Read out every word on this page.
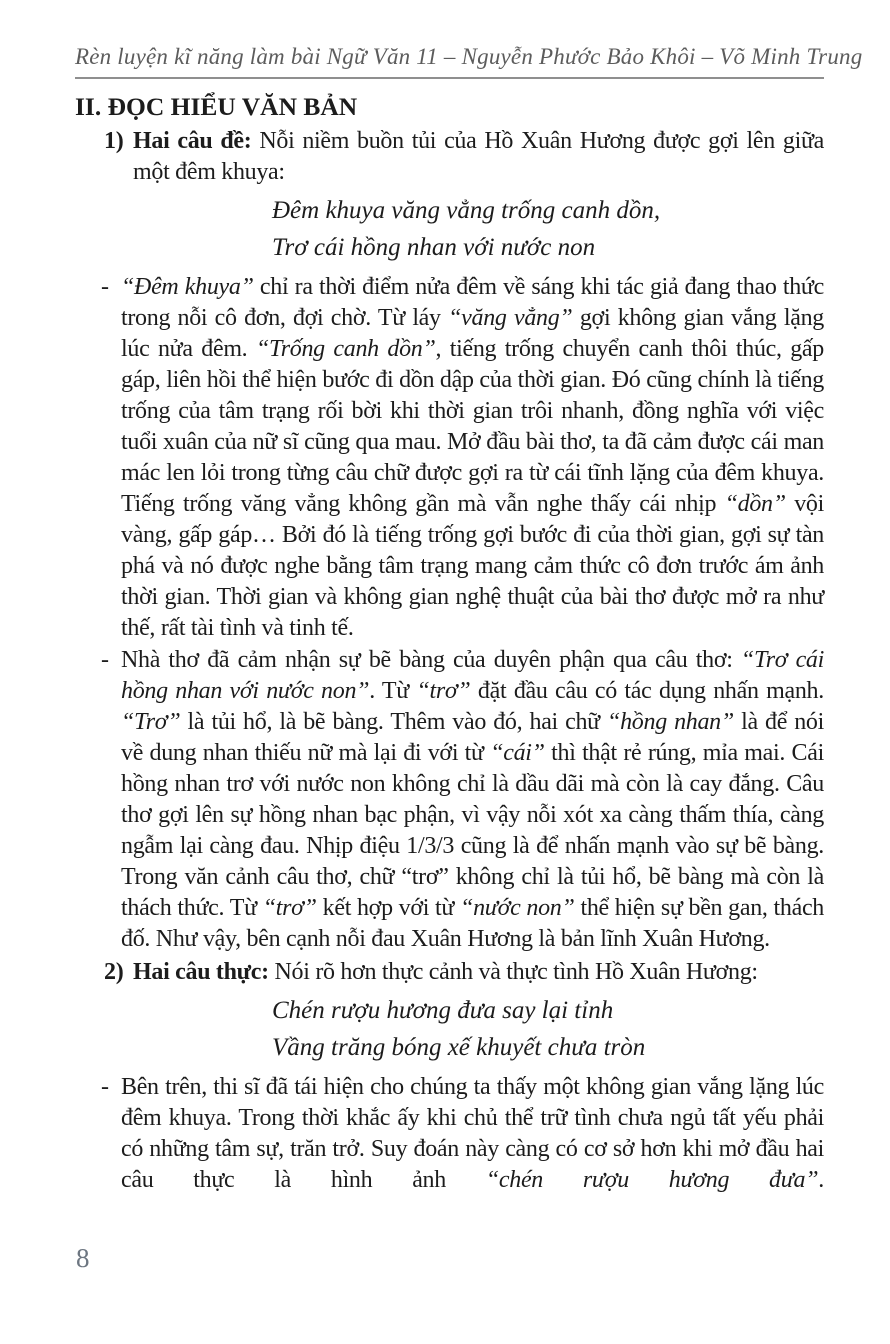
Rèn luyện kĩ năng làm bài Ngữ Văn 11 – Nguyễn Phước Bảo Khôi – Võ Minh Trung
II. ĐỌC HIỂU VĂN BẢN
1) Hai câu đề: Nỗi niềm buồn tủi của Hồ Xuân Hương được gợi lên giữa một đêm khuya:
Đêm khuya văng vẳng trống canh dồn,
Trơ cái hồng nhan với nước non
- “Đêm khuya” chỉ ra thời điểm nửa đêm về sáng khi tác giả đang thao thức trong nỗi cô đơn, đợi chờ. Từ láy “văng vẳng” gợi không gian vắng lặng lúc nửa đêm. “Trống canh dồn”, tiếng trống chuyển canh thôi thúc, gấp gáp, liên hồi thể hiện bước đi dồn dập của thời gian. Đó cũng chính là tiếng trống của tâm trạng rối bời khi thời gian trôi nhanh, đồng nghĩa với việc tuổi xuân của nữ sĩ cũng qua mau. Mở đầu bài thơ, ta đã cảm được cái man mác len lỏi trong từng câu chữ được gợi ra từ cái tĩnh lặng của đêm khuya. Tiếng trống văng vẳng không gần mà vẫn nghe thấy cái nhịp “dồn” vội vàng, gấp gáp… Bởi đó là tiếng trống gợi bước đi của thời gian, gợi sự tàn phá và nó được nghe bằng tâm trạng mang cảm thức cô đơn trước ám ảnh thời gian. Thời gian và không gian nghệ thuật của bài thơ được mở ra như thế, rất tài tình và tinh tế.
- Nhà thơ đã cảm nhận sự bẽ bàng của duyên phận qua câu thơ: “Trơ cái hồng nhan với nước non”. Từ “trơ” đặt đầu câu có tác dụng nhấn mạnh. “Trơ” là tủi hổ, là bẽ bàng. Thêm vào đó, hai chữ “hồng nhan” là để nói về dung nhan thiếu nữ mà lại đi với từ “cái” thì thật rẻ rúng, mỉa mai. Cái hồng nhan trơ với nước non không chỉ là dầu dãi mà còn là cay đắng. Câu thơ gợi lên sự hồng nhan bạc phận, vì vậy nỗi xót xa càng thấm thía, càng ngẫm lại càng đau. Nhịp điệu 1/3/3 cũng là để nhấn mạnh vào sự bẽ bàng. Trong văn cảnh câu thơ, chữ “trơ” không chỉ là tủi hổ, bẽ bàng mà còn là thách thức. Từ “trơ” kết hợp với từ “nước non” thể hiện sự bền gan, thách đố. Như vậy, bên cạnh nỗi đau Xuân Hương là bản lĩnh Xuân Hương.
2) Hai câu thực: Nói rõ hơn thực cảnh và thực tình Hồ Xuân Hương:
Chén rượu hương đưa say lại tỉnh
Vầng trăng bóng xế khuyết chưa tròn
- Bên trên, thi sĩ đã tái hiện cho chúng ta thấy một không gian vắng lặng lúc đêm khuya. Trong thời khắc ấy khi chủ thể trữ tình chưa ngủ tất yếu phải có những tâm sự, trăn trở. Suy đoán này càng có cơ sở hơn khi mở đầu hai câu thực là hình ảnh “chén rượu hương đưa”.
8
